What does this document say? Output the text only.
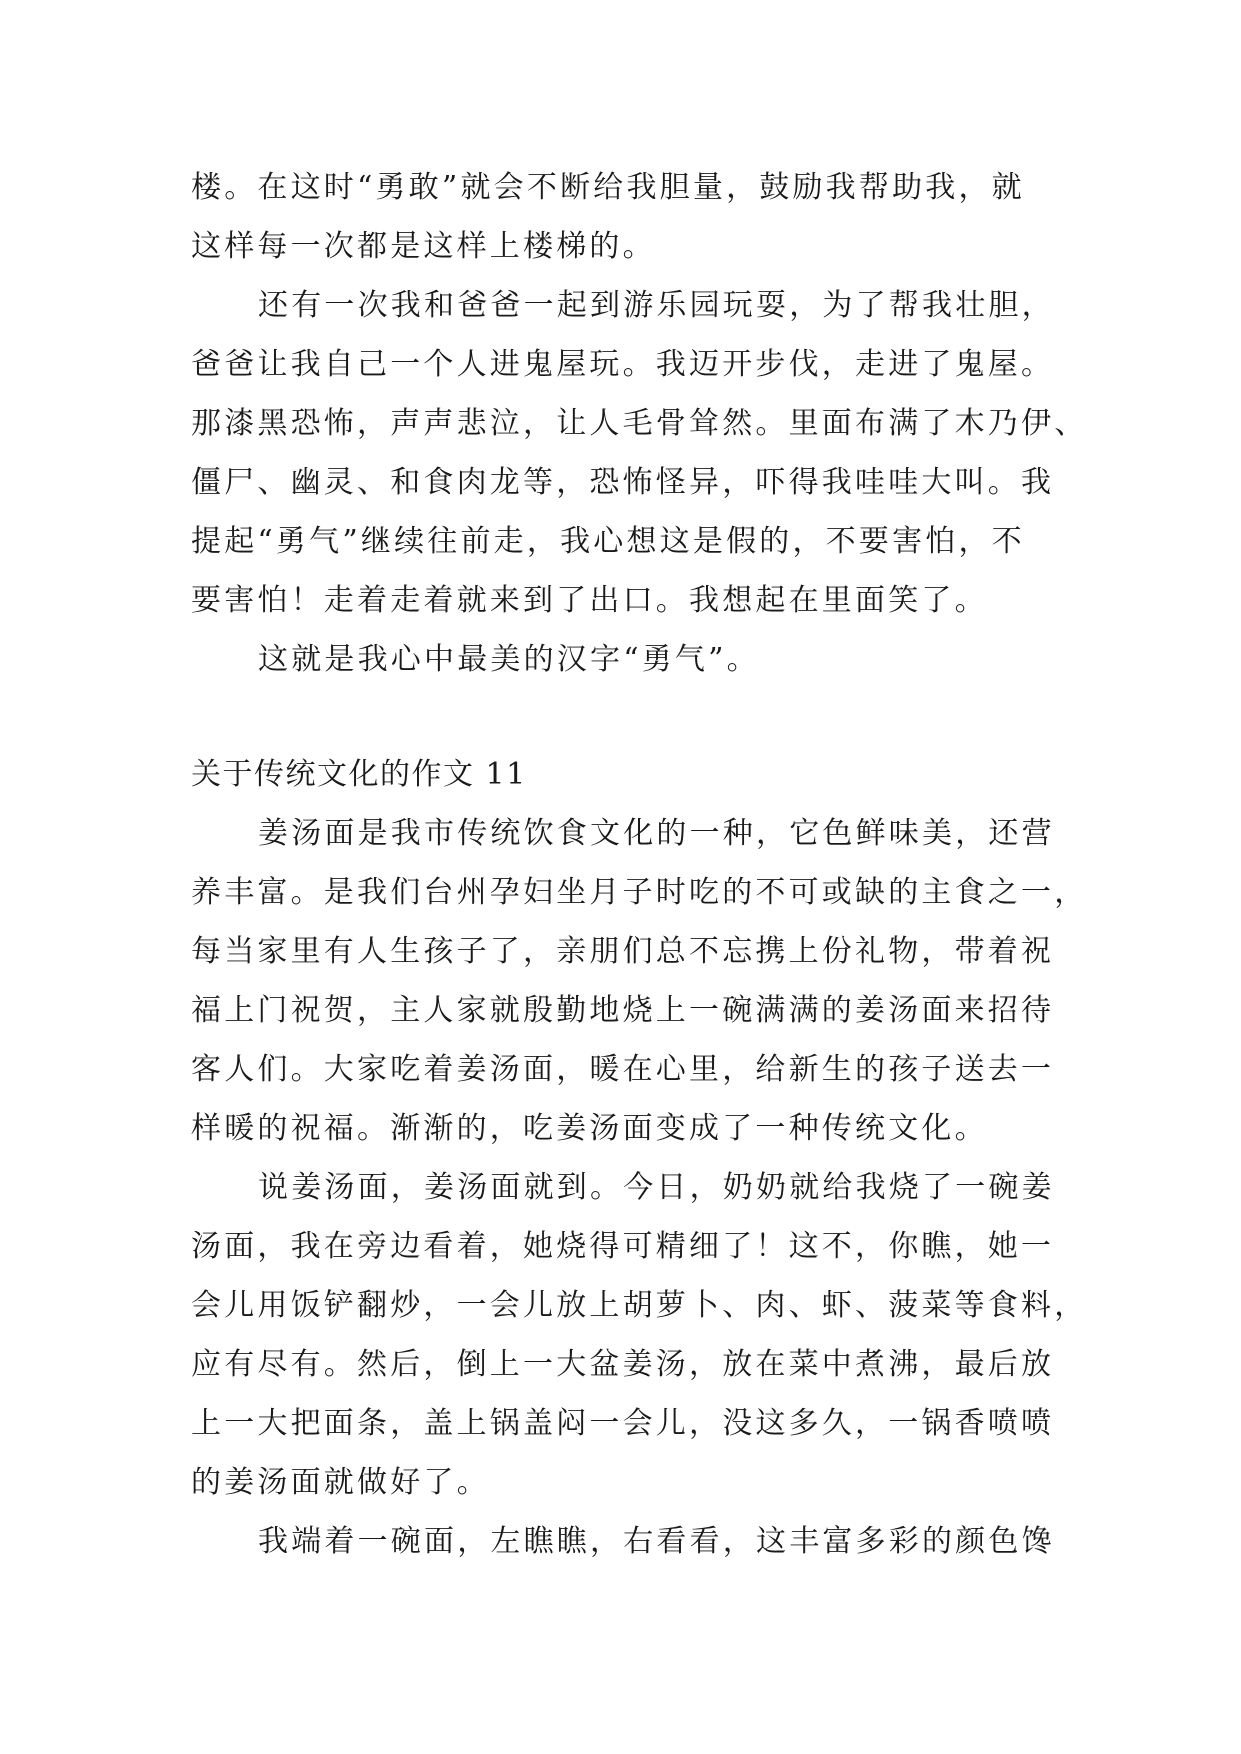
楼。在这时“勇敢”就会不断给我胆量，鼓励我帮助我，就
这样每一次都是这样上楼梯的。
还有一次我和爸爸一起到游乐园玩耍，为了帮我壮胆，
爸爸让我自己一个人进鬼屋玩。我迈开步伐，走进了鬼屋。
那漆黑恐怖，声声悲泣，让人毛骨耸然。里面布满了木乃伊、
僵尸、幽灵、和食肉龙等，恐怖怪异，吓得我哇哇大叫。我
提起“勇气”继续往前走，我心想这是假的，不要害怕，不
要害怕！走着走着就来到了出口。我想起在里面笑了。
这就是我心中最美的汉字“勇气”。
关于传统文化的作文 11
姜汤面是我市传统饮食文化的一种，它色鲜味美，还营
养丰富。是我们台州孕妇坐月子时吃的不可或缺的主食之一，
每当家里有人生孩子了，亲朋们总不忘携上份礼物，带着祝
福上门祝贺，主人家就殷勤地烧上一碗满满的姜汤面来招待
客人们。大家吃着姜汤面，暖在心里，给新生的孩子送去一
样暖的祝福。渐渐的，吃姜汤面变成了一种传统文化。
说姜汤面，姜汤面就到。今日，奶奶就给我烧了一碗姜
汤面，我在旁边看着，她烧得可精细了！这不，你瞧，她一
会儿用饭铲翻炒，一会儿放上胡萝卜、肉、虾、菠菜等食料，
应有尽有。然后，倒上一大盆姜汤，放在菜中煮沸，最后放
上一大把面条，盖上锅盖闷一会儿，没这多久，一锅香喷喷
的姜汤面就做好了。
我端着一碗面，左瞧瞧，右看看，这丰富多彩的颜色馋
